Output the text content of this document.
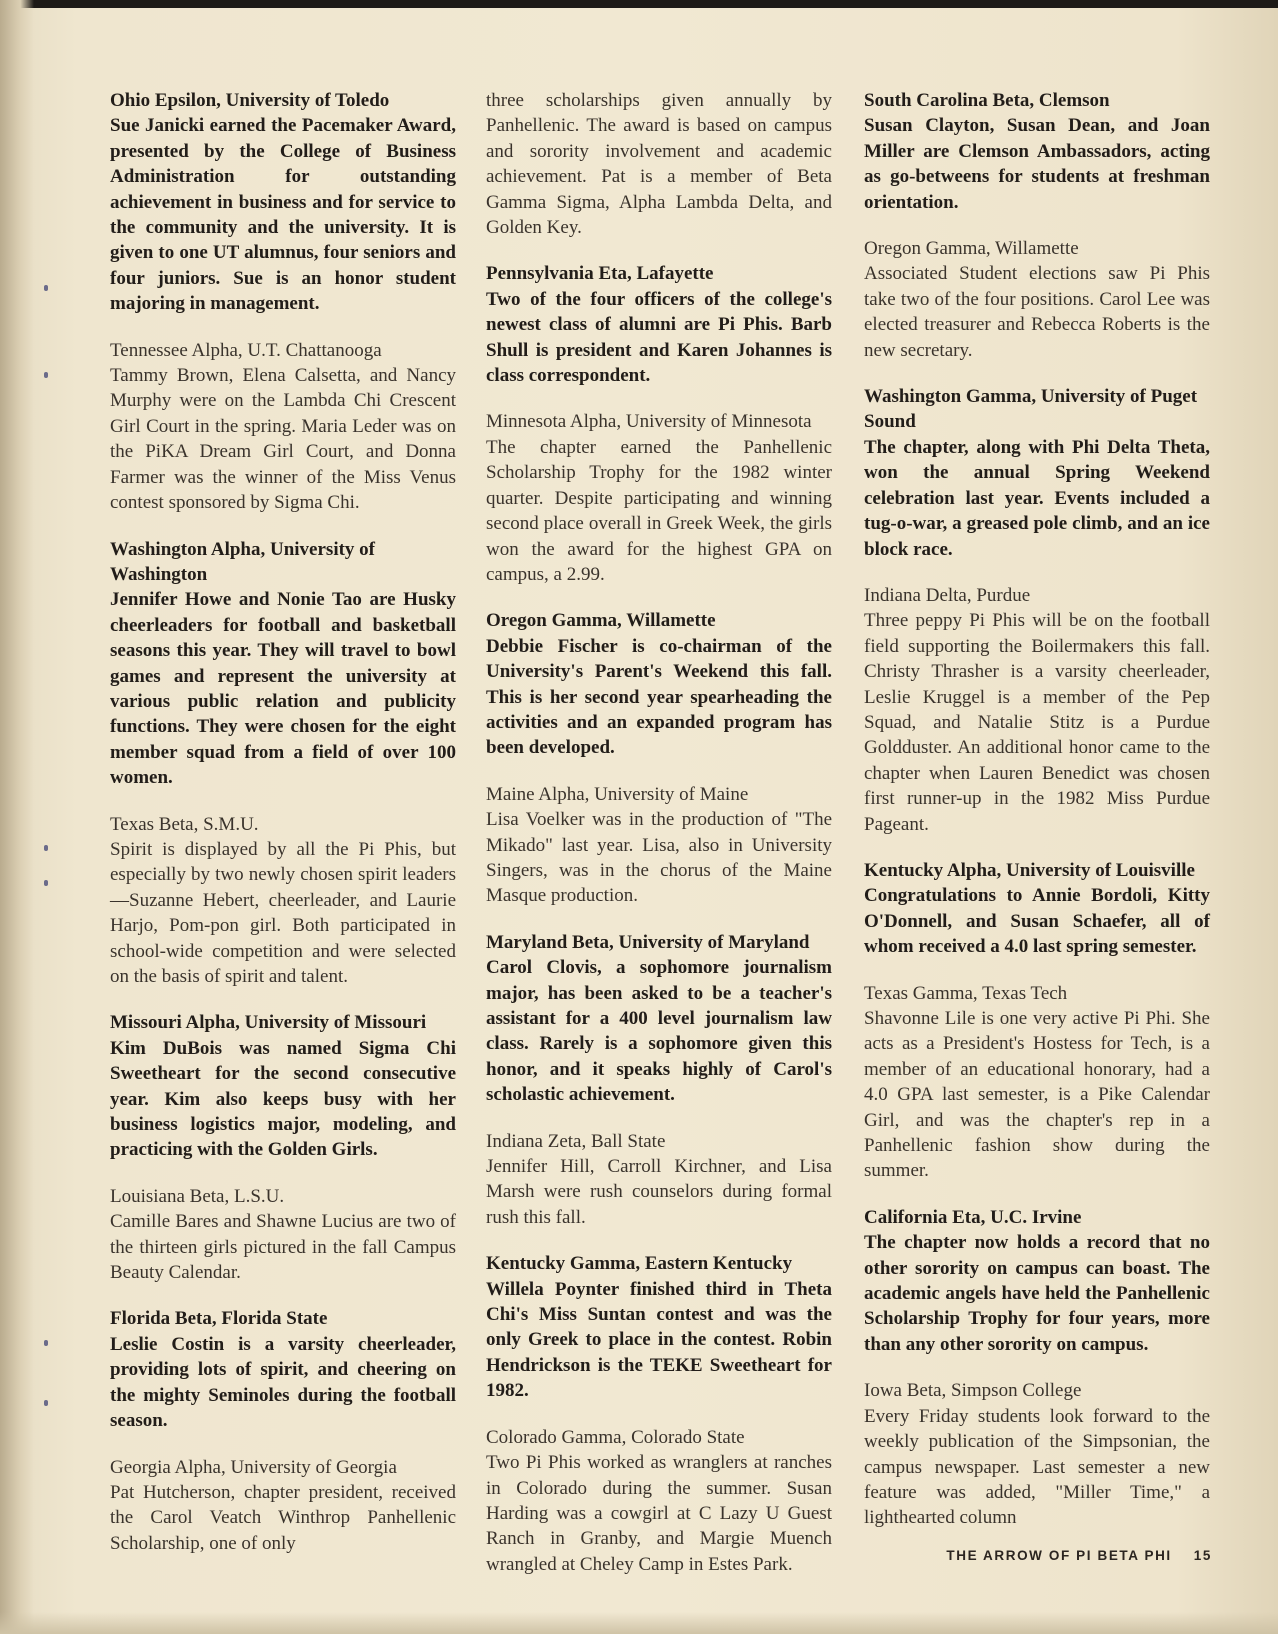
Ohio Epsilon, University of Toledo
Sue Janicki earned the Pacemaker Award, presented by the College of Business Administration for outstanding achievement in business and for service to the community and the university. It is given to one UT alumnus, four seniors and four juniors. Sue is an honor student majoring in management.
Tennessee Alpha, U.T. Chattanooga
Tammy Brown, Elena Calsetta, and Nancy Murphy were on the Lambda Chi Crescent Girl Court in the spring. Maria Leder was on the PiKA Dream Girl Court, and Donna Farmer was the winner of the Miss Venus contest sponsored by Sigma Chi.
Washington Alpha, University of Washington
Jennifer Howe and Nonie Tao are Husky cheerleaders for football and basketball seasons this year. They will travel to bowl games and represent the university at various public relation and publicity functions. They were chosen for the eight member squad from a field of over 100 women.
Texas Beta, S.M.U.
Spirit is displayed by all the Pi Phis, but especially by two newly chosen spirit leaders—Suzanne Hebert, cheerleader, and Laurie Harjo, Pom-pon girl. Both participated in school-wide competition and were selected on the basis of spirit and talent.
Missouri Alpha, University of Missouri
Kim DuBois was named Sigma Chi Sweetheart for the second consecutive year. Kim also keeps busy with her business logistics major, modeling, and practicing with the Golden Girls.
Louisiana Beta, L.S.U.
Camille Bares and Shawne Lucius are two of the thirteen girls pictured in the fall Campus Beauty Calendar.
Florida Beta, Florida State
Leslie Costin is a varsity cheerleader, providing lots of spirit, and cheering on the mighty Seminoles during the football season.
Georgia Alpha, University of Georgia
Pat Hutcherson, chapter president, received the Carol Veatch Winthrop Panhellenic Scholarship, one of only
three scholarships given annually by Panhellenic. The award is based on campus and sorority involvement and academic achievement. Pat is a member of Beta Gamma Sigma, Alpha Lambda Delta, and Golden Key.
Pennsylvania Eta, Lafayette
Two of the four officers of the college's newest class of alumni are Pi Phis. Barb Shull is president and Karen Johannes is class correspondent.
Minnesota Alpha, University of Minnesota
The chapter earned the Panhellenic Scholarship Trophy for the 1982 winter quarter. Despite participating and winning second place overall in Greek Week, the girls won the award for the highest GPA on campus, a 2.99.
Oregon Gamma, Willamette
Debbie Fischer is co-chairman of the University's Parent's Weekend this fall. This is her second year spearheading the activities and an expanded program has been developed.
Maine Alpha, University of Maine
Lisa Voelker was in the production of "The Mikado" last year. Lisa, also in University Singers, was in the chorus of the Maine Masque production.
Maryland Beta, University of Maryland
Carol Clovis, a sophomore journalism major, has been asked to be a teacher's assistant for a 400 level journalism law class. Rarely is a sophomore given this honor, and it speaks highly of Carol's scholastic achievement.
Indiana Zeta, Ball State
Jennifer Hill, Carroll Kirchner, and Lisa Marsh were rush counselors during formal rush this fall.
Kentucky Gamma, Eastern Kentucky
Willela Poynter finished third in Theta Chi's Miss Suntan contest and was the only Greek to place in the contest. Robin Hendrickson is the TEKE Sweetheart for 1982.
Colorado Gamma, Colorado State
Two Pi Phis worked as wranglers at ranches in Colorado during the summer. Susan Harding was a cowgirl at C Lazy U Guest Ranch in Granby, and Margie Muench wrangled at Cheley Camp in Estes Park.
South Carolina Beta, Clemson
Susan Clayton, Susan Dean, and Joan Miller are Clemson Ambassadors, acting as go-betweens for students at freshman orientation.
Oregon Gamma, Willamette
Associated Student elections saw Pi Phis take two of the four positions. Carol Lee was elected treasurer and Rebecca Roberts is the new secretary.
Washington Gamma, University of Puget Sound
The chapter, along with Phi Delta Theta, won the annual Spring Weekend celebration last year. Events included a tug-o-war, a greased pole climb, and an ice block race.
Indiana Delta, Purdue
Three peppy Pi Phis will be on the football field supporting the Boilermakers this fall. Christy Thrasher is a varsity cheerleader, Leslie Kruggel is a member of the Pep Squad, and Natalie Stitz is a Purdue Goldduster. An additional honor came to the chapter when Lauren Benedict was chosen first runner-up in the 1982 Miss Purdue Pageant.
Kentucky Alpha, University of Louisville
Congratulations to Annie Bordoli, Kitty O'Donnell, and Susan Schaefer, all of whom received a 4.0 last spring semester.
Texas Gamma, Texas Tech
Shavonne Lile is one very active Pi Phi. She acts as a President's Hostess for Tech, is a member of an educational honorary, had a 4.0 GPA last semester, is a Pike Calendar Girl, and was the chapter's rep in a Panhellenic fashion show during the summer.
California Eta, U.C. Irvine
The chapter now holds a record that no other sorority on campus can boast. The academic angels have held the Panhellenic Scholarship Trophy for four years, more than any other sorority on campus.
Iowa Beta, Simpson College
Every Friday students look forward to the weekly publication of the Simpsonian, the campus newspaper. Last semester a new feature was added, "Miller Time," a lighthearted column
THE ARROW OF PI BETA PHI 15
